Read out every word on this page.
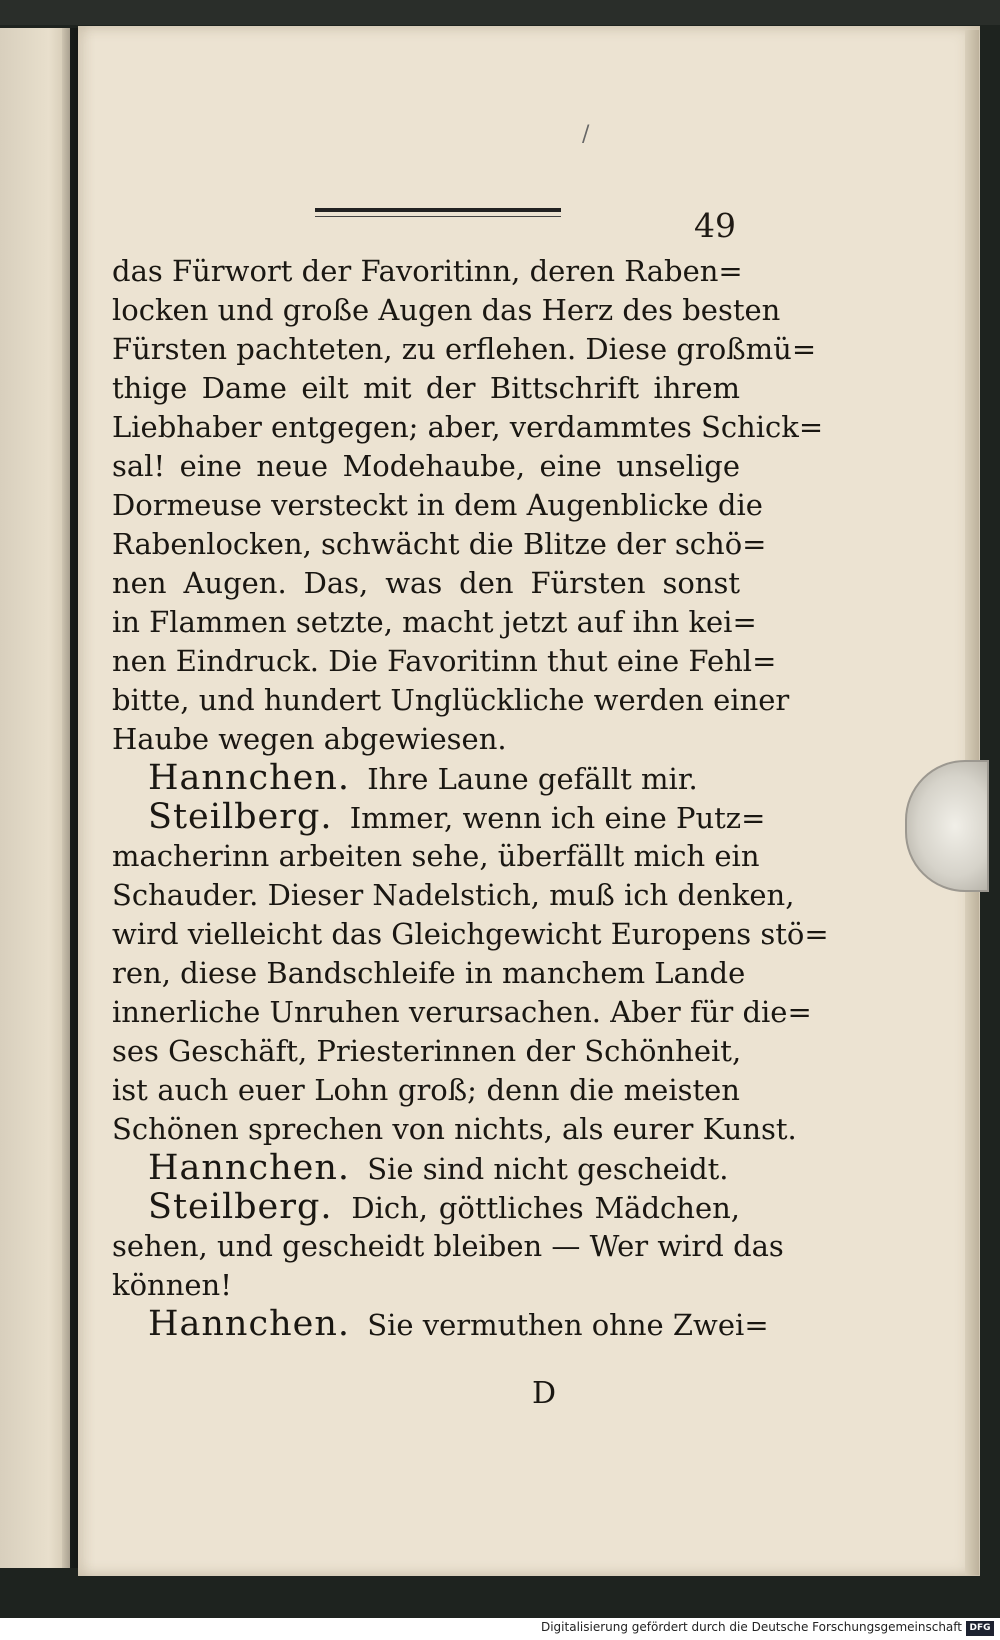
/
49
das Fürwort der Favoritinn, deren Raben=
locken und große Augen das Herz des besten
Fürsten pachteten, zu erflehen. Diese großmü=
thige Dame eilt mit der Bittschrift ihrem
Liebhaber entgegen; aber, verdammtes Schick=
sal! eine neue Modehaube, eine unselige
Dormeuse versteckt in dem Augenblicke die
Rabenlocken, schwächt die Blitze der schö=
nen Augen. Das, was den Fürsten sonst
in Flammen setzte, macht jetzt auf ihn kei=
nen Eindruck. Die Favoritinn thut eine Fehl=
bitte, und hundert Unglückliche werden einer
Haube wegen abgewiesen.
Hannchen. Ihre Laune gefällt mir.
Steilberg. Immer, wenn ich eine Putz=
macherinn arbeiten sehe, überfällt mich ein
Schauder. Dieser Nadelstich, muß ich denken,
wird vielleicht das Gleichgewicht Europens stö=
ren, diese Bandschleife in manchem Lande
innerliche Unruhen verursachen. Aber für die=
ses Geschäft, Priesterinnen der Schönheit,
ist auch euer Lohn groß; denn die meisten
Schönen sprechen von nichts, als eurer Kunst.
Hannchen. Sie sind nicht gescheidt.
Steilberg. Dich, göttliches Mädchen,
sehen, und gescheidt bleiben — Wer wird das
können!
Hannchen. Sie vermuthen ohne Zwei=
D
Digitalisierung gefördert durch die Deutsche Forschungsgemeinschaft DFG
